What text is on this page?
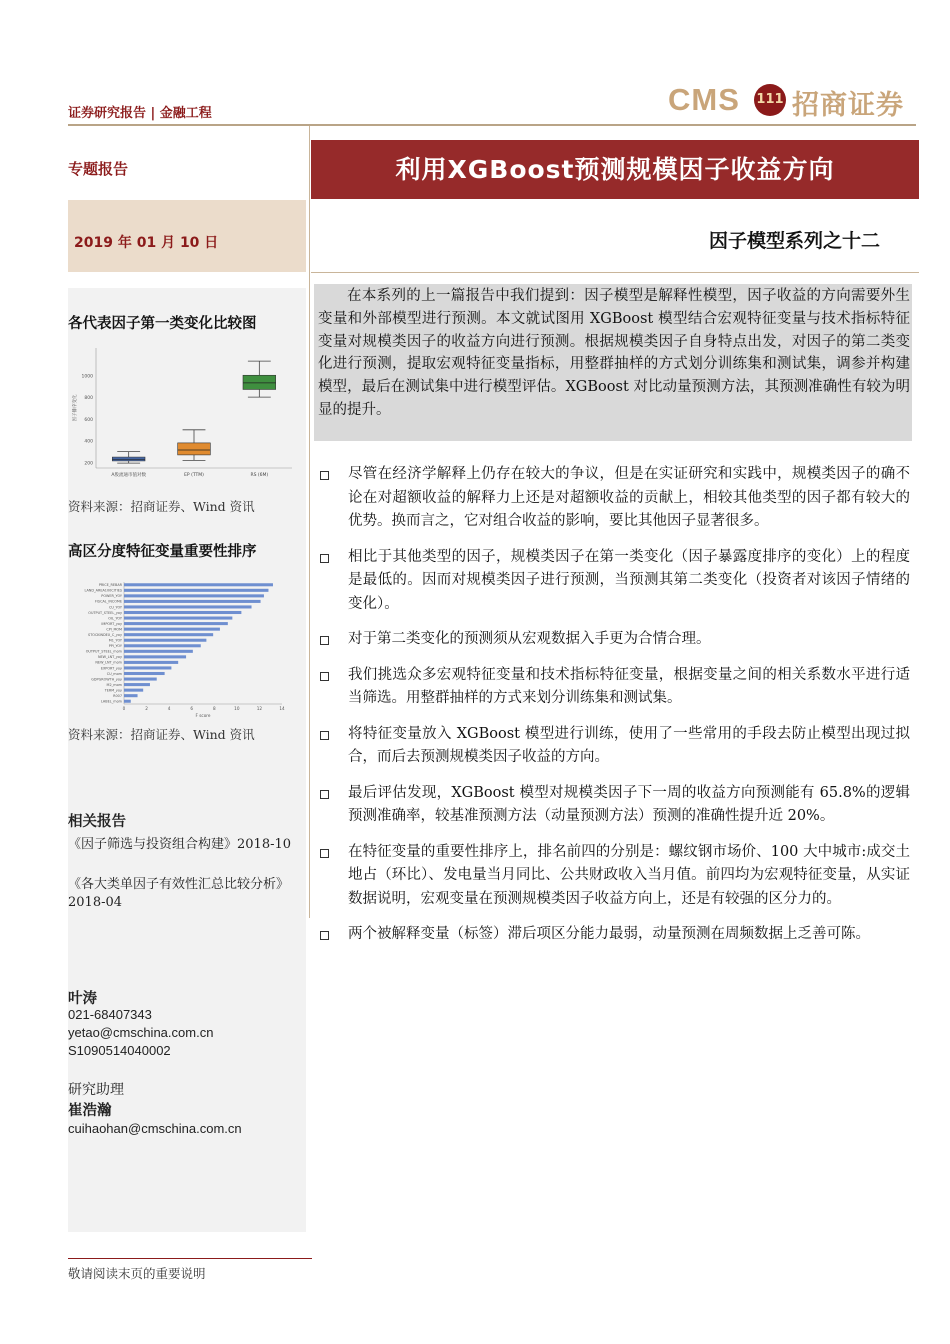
证券研究报告 | 金融工程	CMS 111 招商证券
专题报告
2019 年 01 月 10 日
各代表因子第一类变化比较图
200
400
600
800
1000
因子排序变化
A股流通市值对数	EP (TTM)	RS (6M)
资料来源：招商证券、Wind 资讯
高区分度特征变量重要性排序
PRICE_REBAR
LAND_AREA100CITIES
POWER_YOY
FISCAL_INCOME
CU_YOY
OUTPUT_STEEL_yoy
OIL_YOY
IMPORT_yoy
CPI_MOM
STOCKINDEX_C_yoy
M1_YOY
PPI_YOY
OUTPUT_STEEL_mom
NEW_LNT_yoy
NEW_LNT_mom
EXPORT_yoy
CU_mom
GDPGROWTH_yoy
M2_mom
TERM_yoy
R007
LABEL_mom
0	2	4	6	8	10	12	14
F score
资料来源：招商证券、Wind 资讯
相关报告
《因子筛选与投资组合构建》2018-10
《各大类单因子有效性汇总比较分析》2018-04
叶涛
021-68407343
yetao@cmschina.com.cn
S1090514040002
研究助理
崔浩瀚
cuihaohan@cmschina.com.cn
利用XGBoost预测规模因子收益方向
因子模型系列之十二
在本系列的上一篇报告中我们提到：因子模型是解释性模型，因子收益的方向需要外生变量和外部模型进行预测。本文就试图用 XGBoost 模型结合宏观特征变量与技术指标特征变量对规模类因子的收益方向进行预测。根据规模类因子自身特点出发，对因子的第二类变化进行预测，提取宏观特征变量指标，用整群抽样的方式划分训练集和测试集，调参并构建模型，最后在测试集中进行模型评估。XGBoost 对比动量预测方法，其预测准确性有较为明显的提升。
尽管在经济学解释上仍存在较大的争议，但是在实证研究和实践中，规模类因子的确不论在对超额收益的解释力上还是对超额收益的贡献上，相较其他类型的因子都有较大的优势。换而言之，它对组合收益的影响，要比其他因子显著很多。
相比于其他类型的因子，规模类因子在第一类变化（因子暴露度排序的变化）上的程度是最低的。因而对规模类因子进行预测，当预测其第二类变化（投资者对该因子情绪的变化）。
对于第二类变化的预测须从宏观数据入手更为合情合理。
我们挑选众多宏观特征变量和技术指标特征变量，根据变量之间的相关系数水平进行适当筛选。用整群抽样的方式来划分训练集和测试集。
将特征变量放入 XGBoost 模型进行训练，使用了一些常用的手段去防止模型出现过拟合，而后去预测规模类因子收益的方向。
最后评估发现，XGBoost 模型对规模类因子下一周的收益方向预测能有 65.8%的逻辑预测准确率，较基准预测方法（动量预测方法）预测的准确性提升近 20%。
在特征变量的重要性排序上，排名前四的分别是：螺纹钢市场价、100 大中城市:成交土地占（环比）、发电量当月同比、公共财政收入当月值。前四均为宏观特征变量，从实证数据说明，宏观变量在预测规模类因子收益方向上，还是有较强的区分力的。
两个被解释变量（标签）滞后项区分能力最弱，动量预测在周频数据上乏善可陈。
敬请阅读末页的重要说明
